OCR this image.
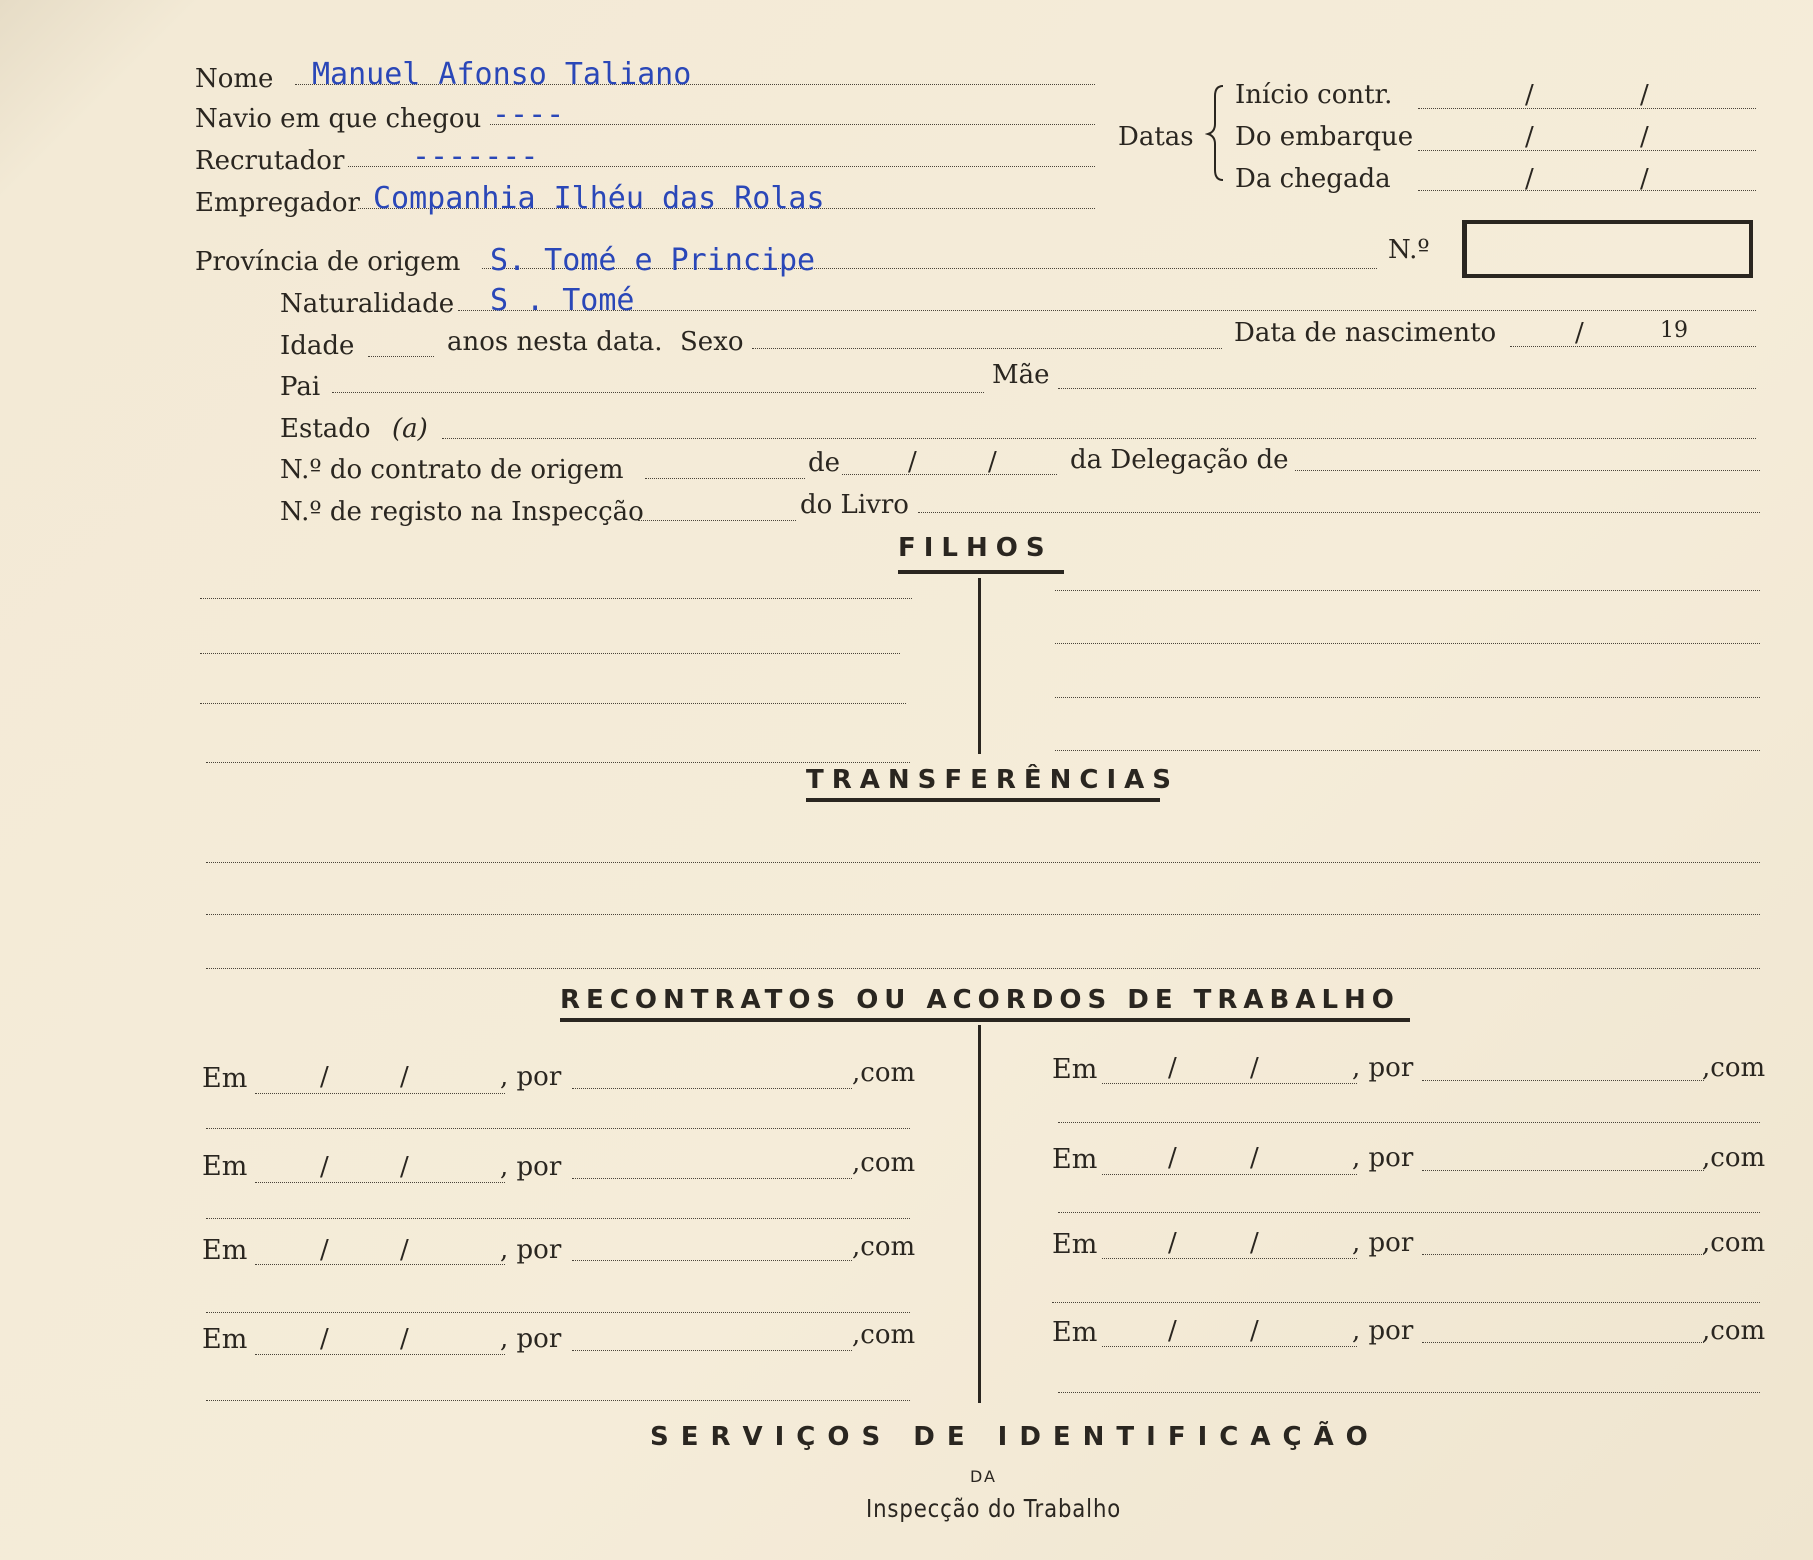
Nome Manuel Afonso Taliano
Navio em que chegou ----
Recrutador -------
Empregador Companhia Ilhéu das Rolas
Datas
Início contr.	/	/
Do embarque	/	/
Da chegada	/	/
Província de origem S. Tomé e Principe	N.º
Naturalidade S . Tomé
Idade	anos nesta data. Sexo	Data de nascimento	/	19
Pai	Mãe
Estado (a)
N.º do contrato de origem	de	/	/	da Delegação de
N.º de registo na Inspecção	do Livro
FILHOS
TRANSFERÊNCIAS
RECONTRATOS OU ACORDOS DE TRABALHO
Em	/	/	, por	,com
Em	/	/	, por	,com
Em	/	/	, por	,com
Em	/	/	, por	,com
Em	/	/	, por	,com
Em	/	/	, por	,com
Em	/	/	, por	,com
Em	/	/	, por	,com
SERVIÇOS DE IDENTIFICAÇÃO
DA
Inspecção do Trabalho
